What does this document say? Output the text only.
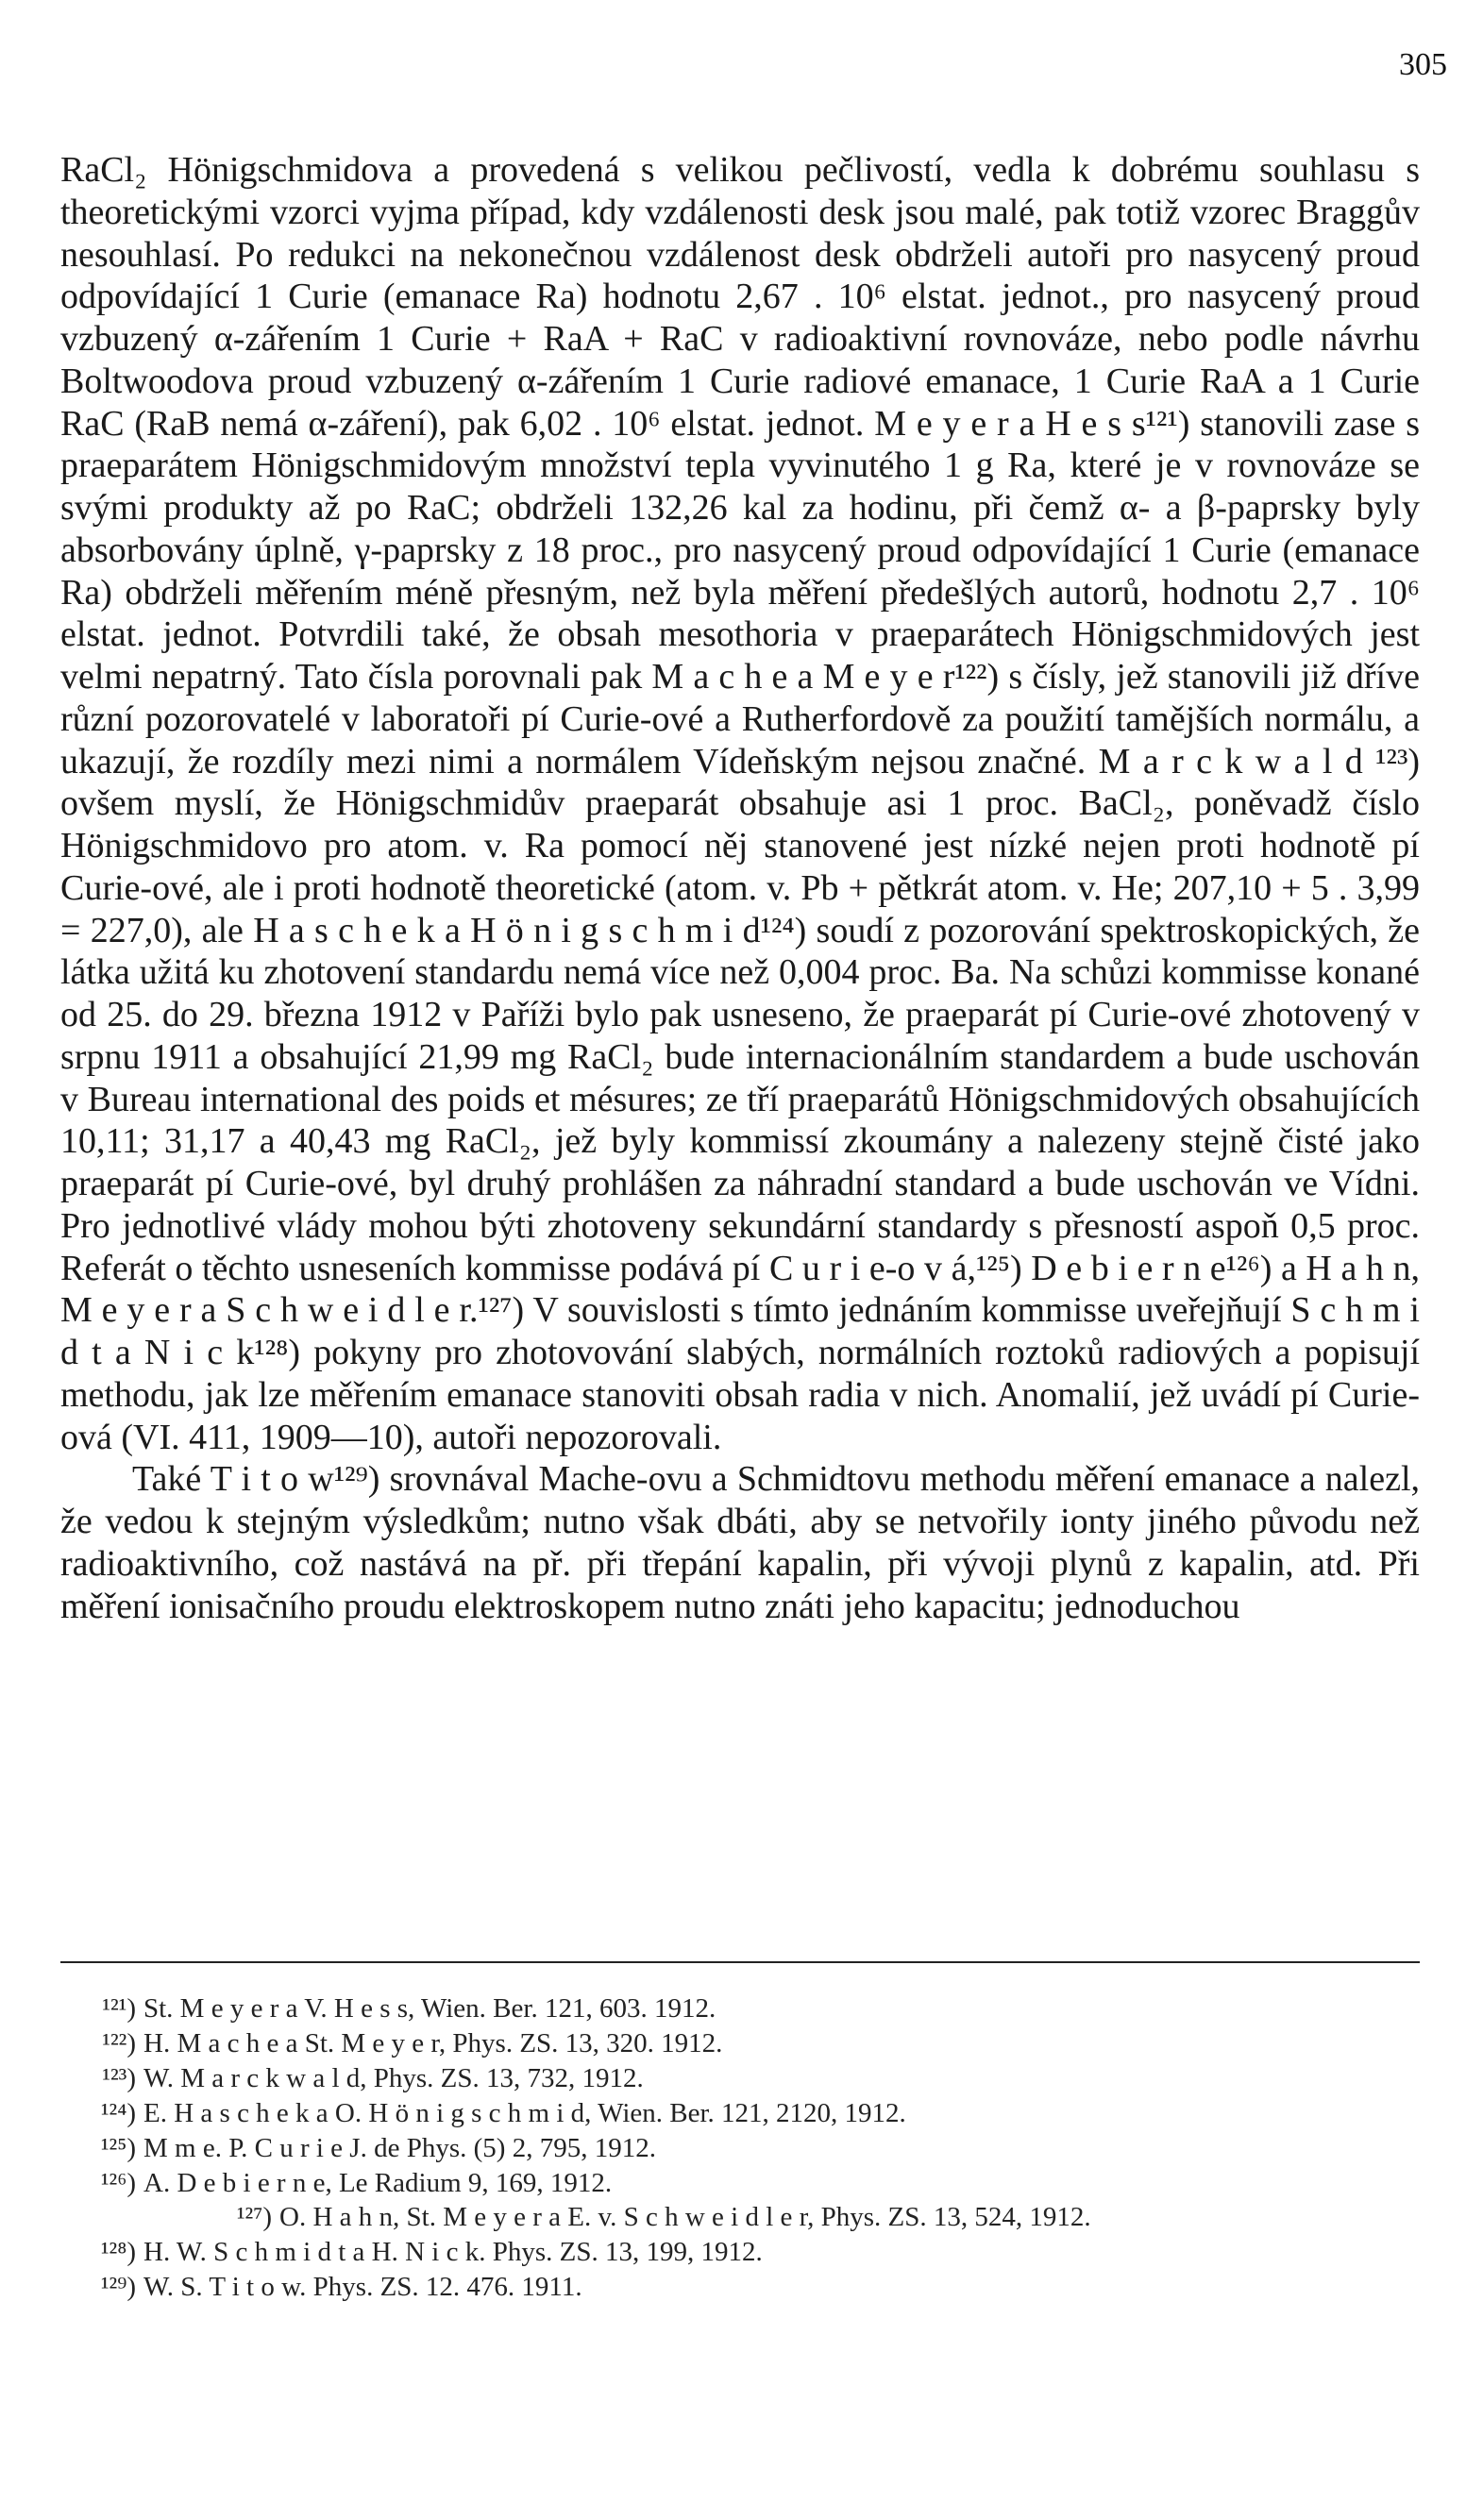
305

RaCl₂ Hönigschmidova a provedená s velikou pečlivostí, vedla k dobrému souhlasu s theoretickými vzorci vyjma případ, kdy vzdálenosti desk jsou malé, pak totiž vzorec Braggův nesouhlasí. Po redukci na nekonečnou vzdálenost desk obdrželi autoři pro nasycený proud odpovídající 1 Curie (emanace Ra) hodnotu 2,67 . 10⁶ elstat. jednot., pro nasycený proud vzbuzený α-zářením 1 Curie + RaA + RaC v radioaktivní rovnováze, nebo podle návrhu Boltwoodova proud vzbuzený α-zářením 1 Curie radiové emanace, 1 Curie RaA a 1 Curie RaC (RaB nemá α-záření), pak 6,02 . 10⁶ elstat. jednot. M e y e r a H e s s¹²¹) stanovili zase s praeparátem Hönigschmidovým množství tepla vyvinutého 1 g Ra, které je v rovnováze se svými produkty až po RaC; obdrželi 132,26 kal za hodinu, při čemž α- a β-paprsky byly absorbovány úplně, γ-paprsky z 18 proc., pro nasycený proud odpovídající 1 Curie (emanace Ra) obdrželi měřením méně přesným, než byla měření předešlých autorů, hodnotu 2,7 . 10⁶ elstat. jednot. Potvrdili také, že obsah mesothoria v praeparátech Hönigschmidových jest velmi nepatrný. Tato čísla porovnali pak M a c h e a M e y e r¹²²) s čísly, jež stanovili již dříve různí pozorovatelé v laboratoři pí Curie-ové a Rutherfordově za použití tamějších normálu, a ukazují, že rozdíly mezi nimi a normálem Vídeňským nejsou značné. M a r c k w a l d ¹²³) ovšem myslí, že Hönigschmidův praeparát obsahuje asi 1 proc. BaCl₂, poněvadž číslo Hönigschmidovo pro atom. v. Ra pomocí něj stanovené jest nízké nejen proti hodnotě pí Curie-ové, ale i proti hodnotě theoretické (atom. v. Pb + pětkrát atom. v. He; 207,10 + 5 . 3,99 = 227,0), ale H a s c h e k a H ö n i g s c h m i d¹²⁴) soudí z pozorování spektroskopických, že látka užitá ku zhotovení standardu nemá více než 0,004 proc. Ba. Na schůzi kommisse konané od 25. do 29. března 1912 v Paříži bylo pak usneseno, že praeparát pí Curie-ové zhotovený v srpnu 1911 a obsahující 21,99 mg RaCl₂ bude internacionálním standardem a bude uschován v Bureau international des poids et mésures; ze tří praeparátů Hönigschmidových obsahujících 10,11; 31,17 a 40,43 mg RaCl₂, jež byly kommissí zkoumány a nalezeny stejně čisté jako praeparát pí Curie-ové, byl druhý prohlášen za náhradní standard a bude uschován ve Vídni. Pro jednotlivé vlády mohou býti zhotoveny sekundární standardy s přesností aspoň 0,5 proc. Referát o těchto usneseních kommisse podává pí C u r i e-o v á,¹²⁵) D e b i e r n e¹²⁶) a H a h n, M e y e r a S c h w e i d l e r.¹²⁷) V souvislosti s tímto jednáním kommisse uveřejňují S c h m i d t a N i c k¹²⁸) pokyny pro zhotovování slabých, normálních roztoků radiových a popisují methodu, jak lze měřením emanace stanoviti obsah radia v nich. Anomalií, jež uvádí pí Curie-ová (VI. 411, 1909—10), autoři nepozorovali.

Také T i t o w¹²⁹) srovnával Mache-ovu a Schmidtovu methodu měření emanace a nalezl, že vedou k stejným výsledkům; nutno však dbáti, aby se netvořily ionty jiného původu než radioaktivního, což nastává na př. při třepání kapalin, při vývoji plynů z kapalin, atd. Při měření ionisačního proudu elektroskopem nutno znáti jeho kapacitu; jednoduchou

¹²¹) St. M e y e r a V. H e s s, Wien. Ber. 121, 603. 1912.

¹²²) H. M a c h e a St. M e y e r, Phys. ZS. 13, 320. 1912.

¹²³) W. M a r c k w a l d, Phys. ZS. 13, 732, 1912.

¹²⁴) E. H a s c h e k a O. H ö n i g s c h m i d, Wien. Ber. 121, 2120, 1912.

¹²⁵) M m e. P. C u r i e J. de Phys. (5) 2, 795, 1912.

¹²⁶) A. D e b i e r n e, Le Radium 9, 169, 1912.

¹²⁷) O. H a h n, St. M e y e r a E. v. S c h w e i d l e r, Phys. ZS. 13, 524, 1912.

¹²⁸) H. W. S c h m i d t a H. N i c k. Phys. ZS. 13, 199, 1912.

¹²⁹) W. S. T i t o w. Phys. ZS. 12. 476. 1911.
